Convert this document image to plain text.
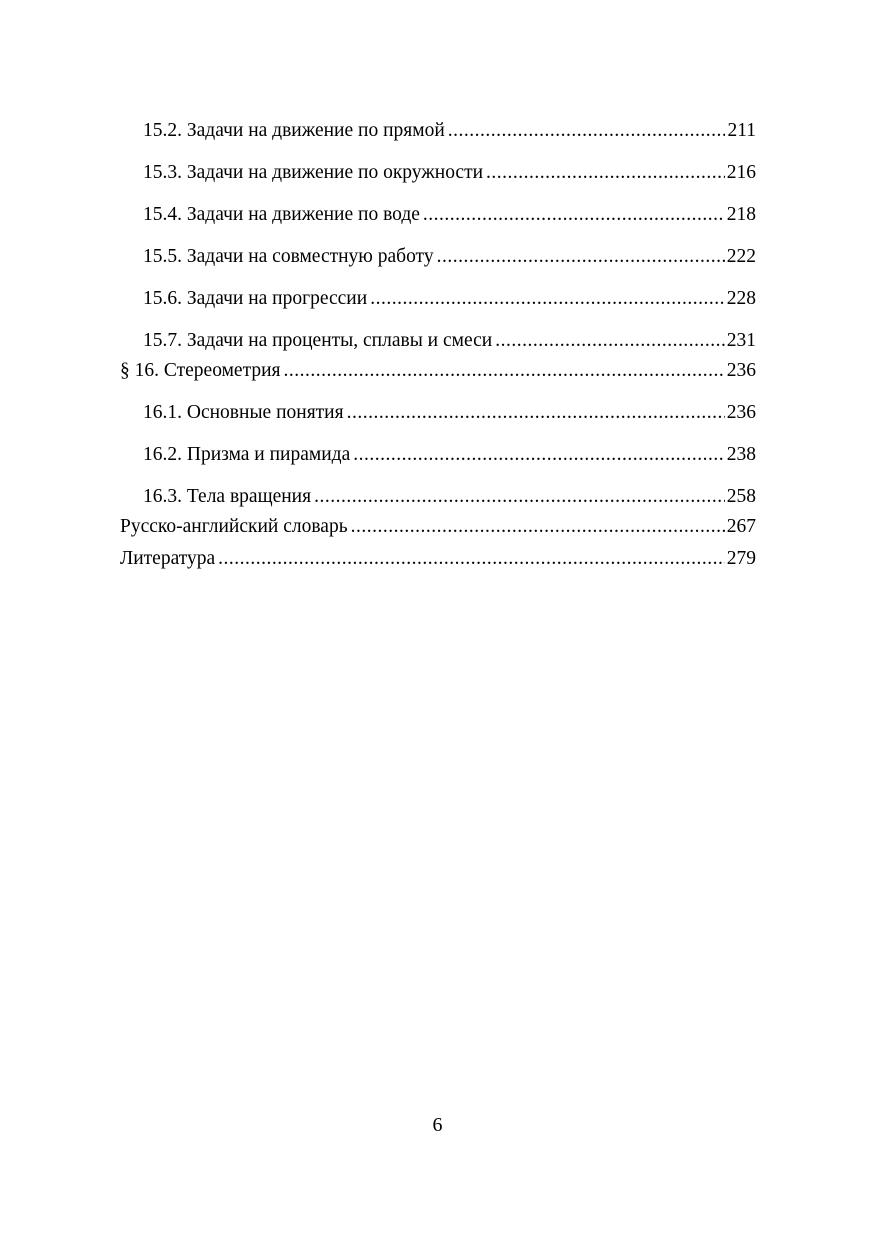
15.2. Задачи на движение по прямой .....	211
15.3. Задачи на движение по окружности .....	216
15.4. Задачи на движение по воде .....	218
15.5. Задачи на совместную работу .....	222
15.6. Задачи на прогрессии .....	228
15.7. Задачи на проценты, сплавы и смеси .....	231
§ 16. Стереометрия .....	236
16.1. Основные понятия .....	236
16.2. Призма и пирамида .....	238
16.3. Тела вращения .....	258
Русско-английский словарь .....	267
Литература .....	279
6
